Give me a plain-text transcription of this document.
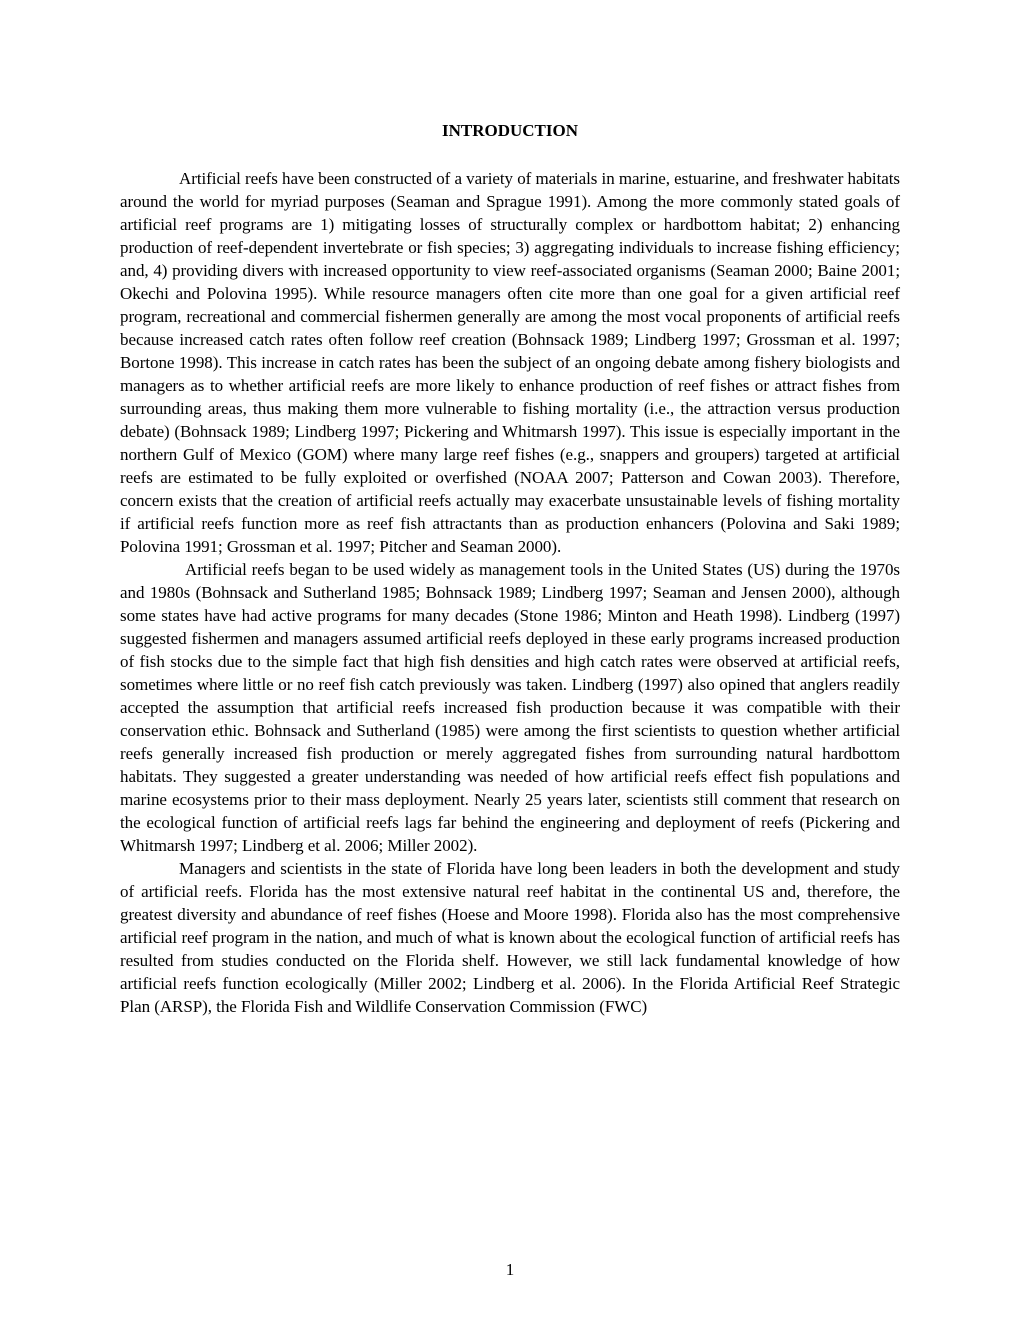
INTRODUCTION

Artificial reefs have been constructed of a variety of materials in marine, estuarine, and freshwater habitats around the world for myriad purposes (Seaman and Sprague 1991). Among the more commonly stated goals of artificial reef programs are 1) mitigating losses of structurally complex or hardbottom habitat; 2) enhancing production of reef-dependent invertebrate or fish species; 3) aggregating individuals to increase fishing efficiency; and, 4) providing divers with increased opportunity to view reef-associated organisms (Seaman 2000; Baine 2001; Okechi and Polovina 1995). While resource managers often cite more than one goal for a given artificial reef program, recreational and commercial fishermen generally are among the most vocal proponents of artificial reefs because increased catch rates often follow reef creation (Bohnsack 1989; Lindberg 1997; Grossman et al. 1997; Bortone 1998). This increase in catch rates has been the subject of an ongoing debate among fishery biologists and managers as to whether artificial reefs are more likely to enhance production of reef fishes or attract fishes from surrounding areas, thus making them more vulnerable to fishing mortality (i.e., the attraction versus production debate) (Bohnsack 1989; Lindberg 1997; Pickering and Whitmarsh 1997). This issue is especially important in the northern Gulf of Mexico (GOM) where many large reef fishes (e.g., snappers and groupers) targeted at artificial reefs are estimated to be fully exploited or overfished (NOAA 2007; Patterson and Cowan 2003). Therefore, concern exists that the creation of artificial reefs actually may exacerbate unsustainable levels of fishing mortality if artificial reefs function more as reef fish attractants than as production enhancers (Polovina and Saki 1989; Polovina 1991; Grossman et al. 1997; Pitcher and Seaman 2000).

Artificial reefs began to be used widely as management tools in the United States (US) during the 1970s and 1980s (Bohnsack and Sutherland 1985; Bohnsack 1989; Lindberg 1997; Seaman and Jensen 2000), although some states have had active programs for many decades (Stone 1986; Minton and Heath 1998). Lindberg (1997) suggested fishermen and managers assumed artificial reefs deployed in these early programs increased production of fish stocks due to the simple fact that high fish densities and high catch rates were observed at artificial reefs, sometimes where little or no reef fish catch previously was taken. Lindberg (1997) also opined that anglers readily accepted the assumption that artificial reefs increased fish production because it was compatible with their conservation ethic. Bohnsack and Sutherland (1985) were among the first scientists to question whether artificial reefs generally increased fish production or merely aggregated fishes from surrounding natural hardbottom habitats. They suggested a greater understanding was needed of how artificial reefs effect fish populations and marine ecosystems prior to their mass deployment. Nearly 25 years later, scientists still comment that research on the ecological function of artificial reefs lags far behind the engineering and deployment of reefs (Pickering and Whitmarsh 1997; Lindberg et al. 2006; Miller 2002).

Managers and scientists in the state of Florida have long been leaders in both the development and study of artificial reefs. Florida has the most extensive natural reef habitat in the continental US and, therefore, the greatest diversity and abundance of reef fishes (Hoese and Moore 1998). Florida also has the most comprehensive artificial reef program in the nation, and much of what is known about the ecological function of artificial reefs has resulted from studies conducted on the Florida shelf. However, we still lack fundamental knowledge of how artificial reefs function ecologically (Miller 2002; Lindberg et al. 2006). In the Florida Artificial Reef Strategic Plan (ARSP), the Florida Fish and Wildlife Conservation Commission (FWC)

1
